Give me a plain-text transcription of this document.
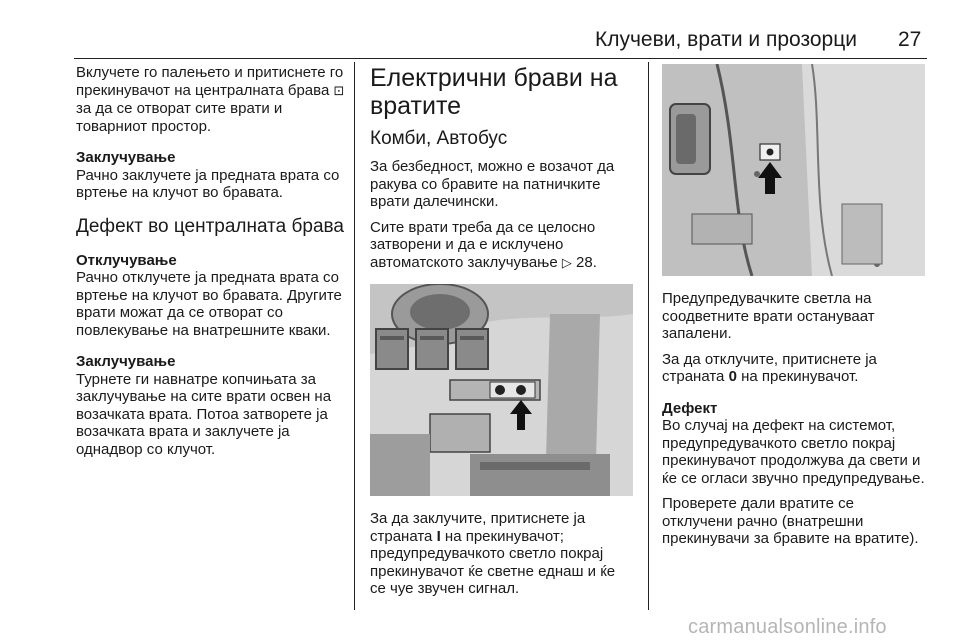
Клучеви, врати и прозорци 27

Вклучете го палењето и притиснете го прекинувачот на централната брава ⊡ за да се отворат сите врати и товарниот простор.

Заклучување

Рачно заклучете ја предната врата со вртење на клучот во бравата.

Дефект во централната брава
Отклучување

Рачно отклучете ја предната врата со вртење на клучот во бравата. Другите врати можат да се отворат со повлекување на внатрешните кваки.

Заклучување

Турнете ги навнатре копчињата за заклучување на сите врати освен на возачката врата. Потоа затворете ја возачката врата и заклучете ја однадвор со клучот.

Електрични брави на вратите
Комби, Автобус

За безбедност, можно е возачот да ракува со бравите на патничките врати далечински.

Сите врати треба да се целосно затворени и да е исклучено автоматското заклучување ▷ 28.

За да заклучите, притиснете ја страната I на прекинувачот; предупредувачкото светло покрај прекинувачот ќе светне еднаш и ќе се чуе звучен сигнал.

Предупредувачките светла на соодветните врати остануваат запалени.

За да отклучите, притиснете ја страната 0 на прекинувачот.

Дефект

Во случај на дефект на системот, предупредувачкото светло покрај прекинувачот продолжува да свети и ќе се огласи звучно предупредување.

Проверете дали вратите се отклучени рачно (внатрешни прекинувачи за бравите на вратите).

carmanualsonline.info
